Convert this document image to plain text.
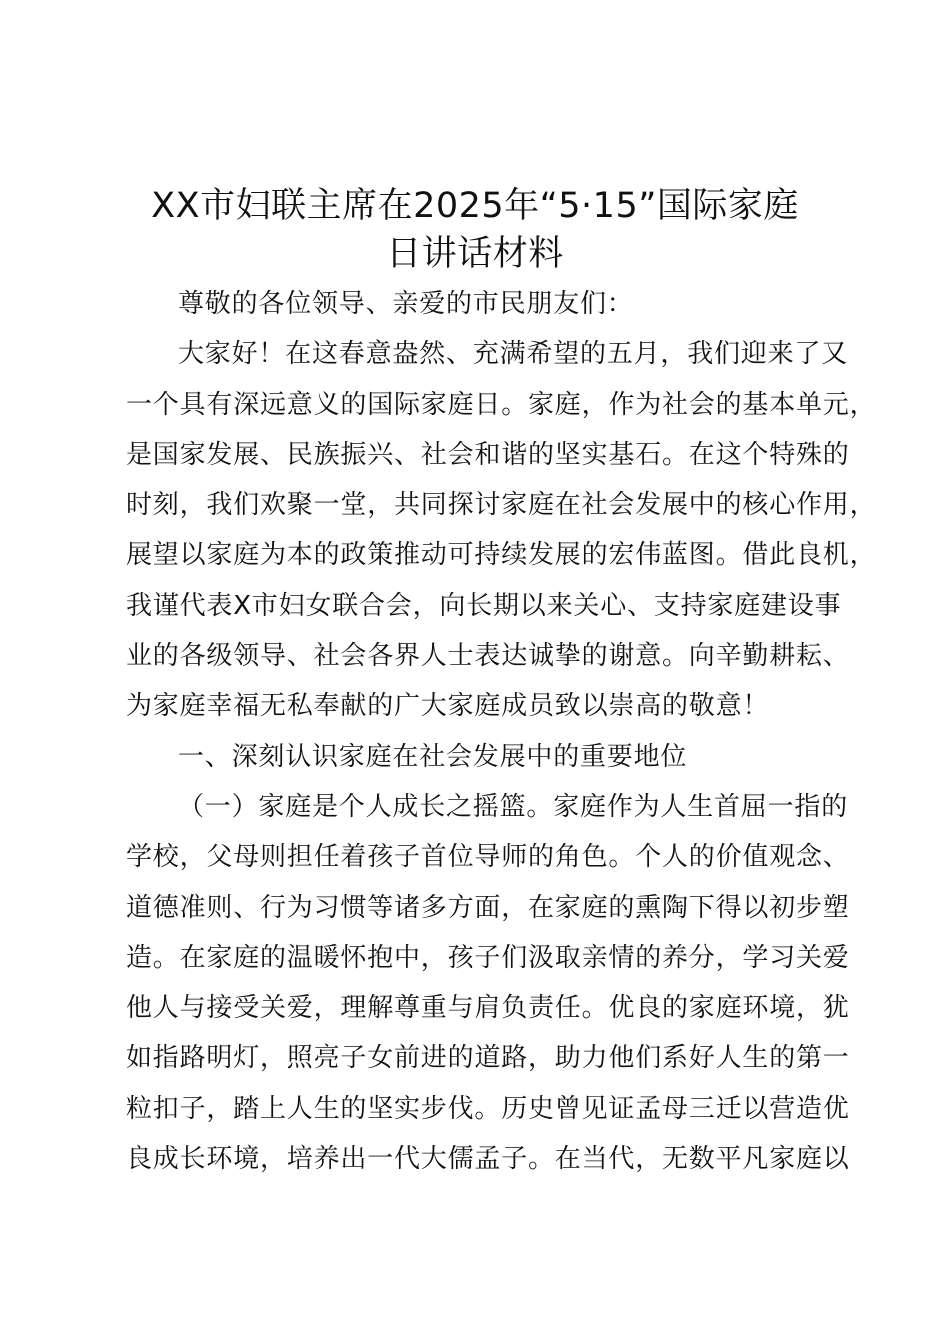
XX市妇联主席在2025年“5·15”国际家庭
日讲话材料
尊敬的各位领导、亲爱的市民朋友们：
大家好！在这春意盎然、充满希望的五月，我们迎来了又
一个具有深远意义的国际家庭日。家庭，作为社会的基本单元，
是国家发展、民族振兴、社会和谐的坚实基石。在这个特殊的
时刻，我们欢聚一堂，共同探讨家庭在社会发展中的核心作用，
展望以家庭为本的政策推动可持续发展的宏伟蓝图。借此良机，
我谨代表X市妇女联合会，向长期以来关心、支持家庭建设事
业的各级领导、社会各界人士表达诚挚的谢意。向辛勤耕耘、
为家庭幸福无私奉献的广大家庭成员致以崇高的敬意！
一、深刻认识家庭在社会发展中的重要地位
（一）家庭是个人成长之摇篮。家庭作为人生首屈一指的
学校，父母则担任着孩子首位导师的角色。个人的价值观念、
道德准则、行为习惯等诸多方面，在家庭的熏陶下得以初步塑
造。在家庭的温暖怀抱中，孩子们汲取亲情的养分，学习关爱
他人与接受关爱，理解尊重与肩负责任。优良的家庭环境，犹
如指路明灯，照亮子女前进的道路，助力他们系好人生的第一
粒扣子，踏上人生的坚实步伐。历史曾见证孟母三迁以营造优
良成长环境，培养出一代大儒孟子。在当代，无数平凡家庭以
